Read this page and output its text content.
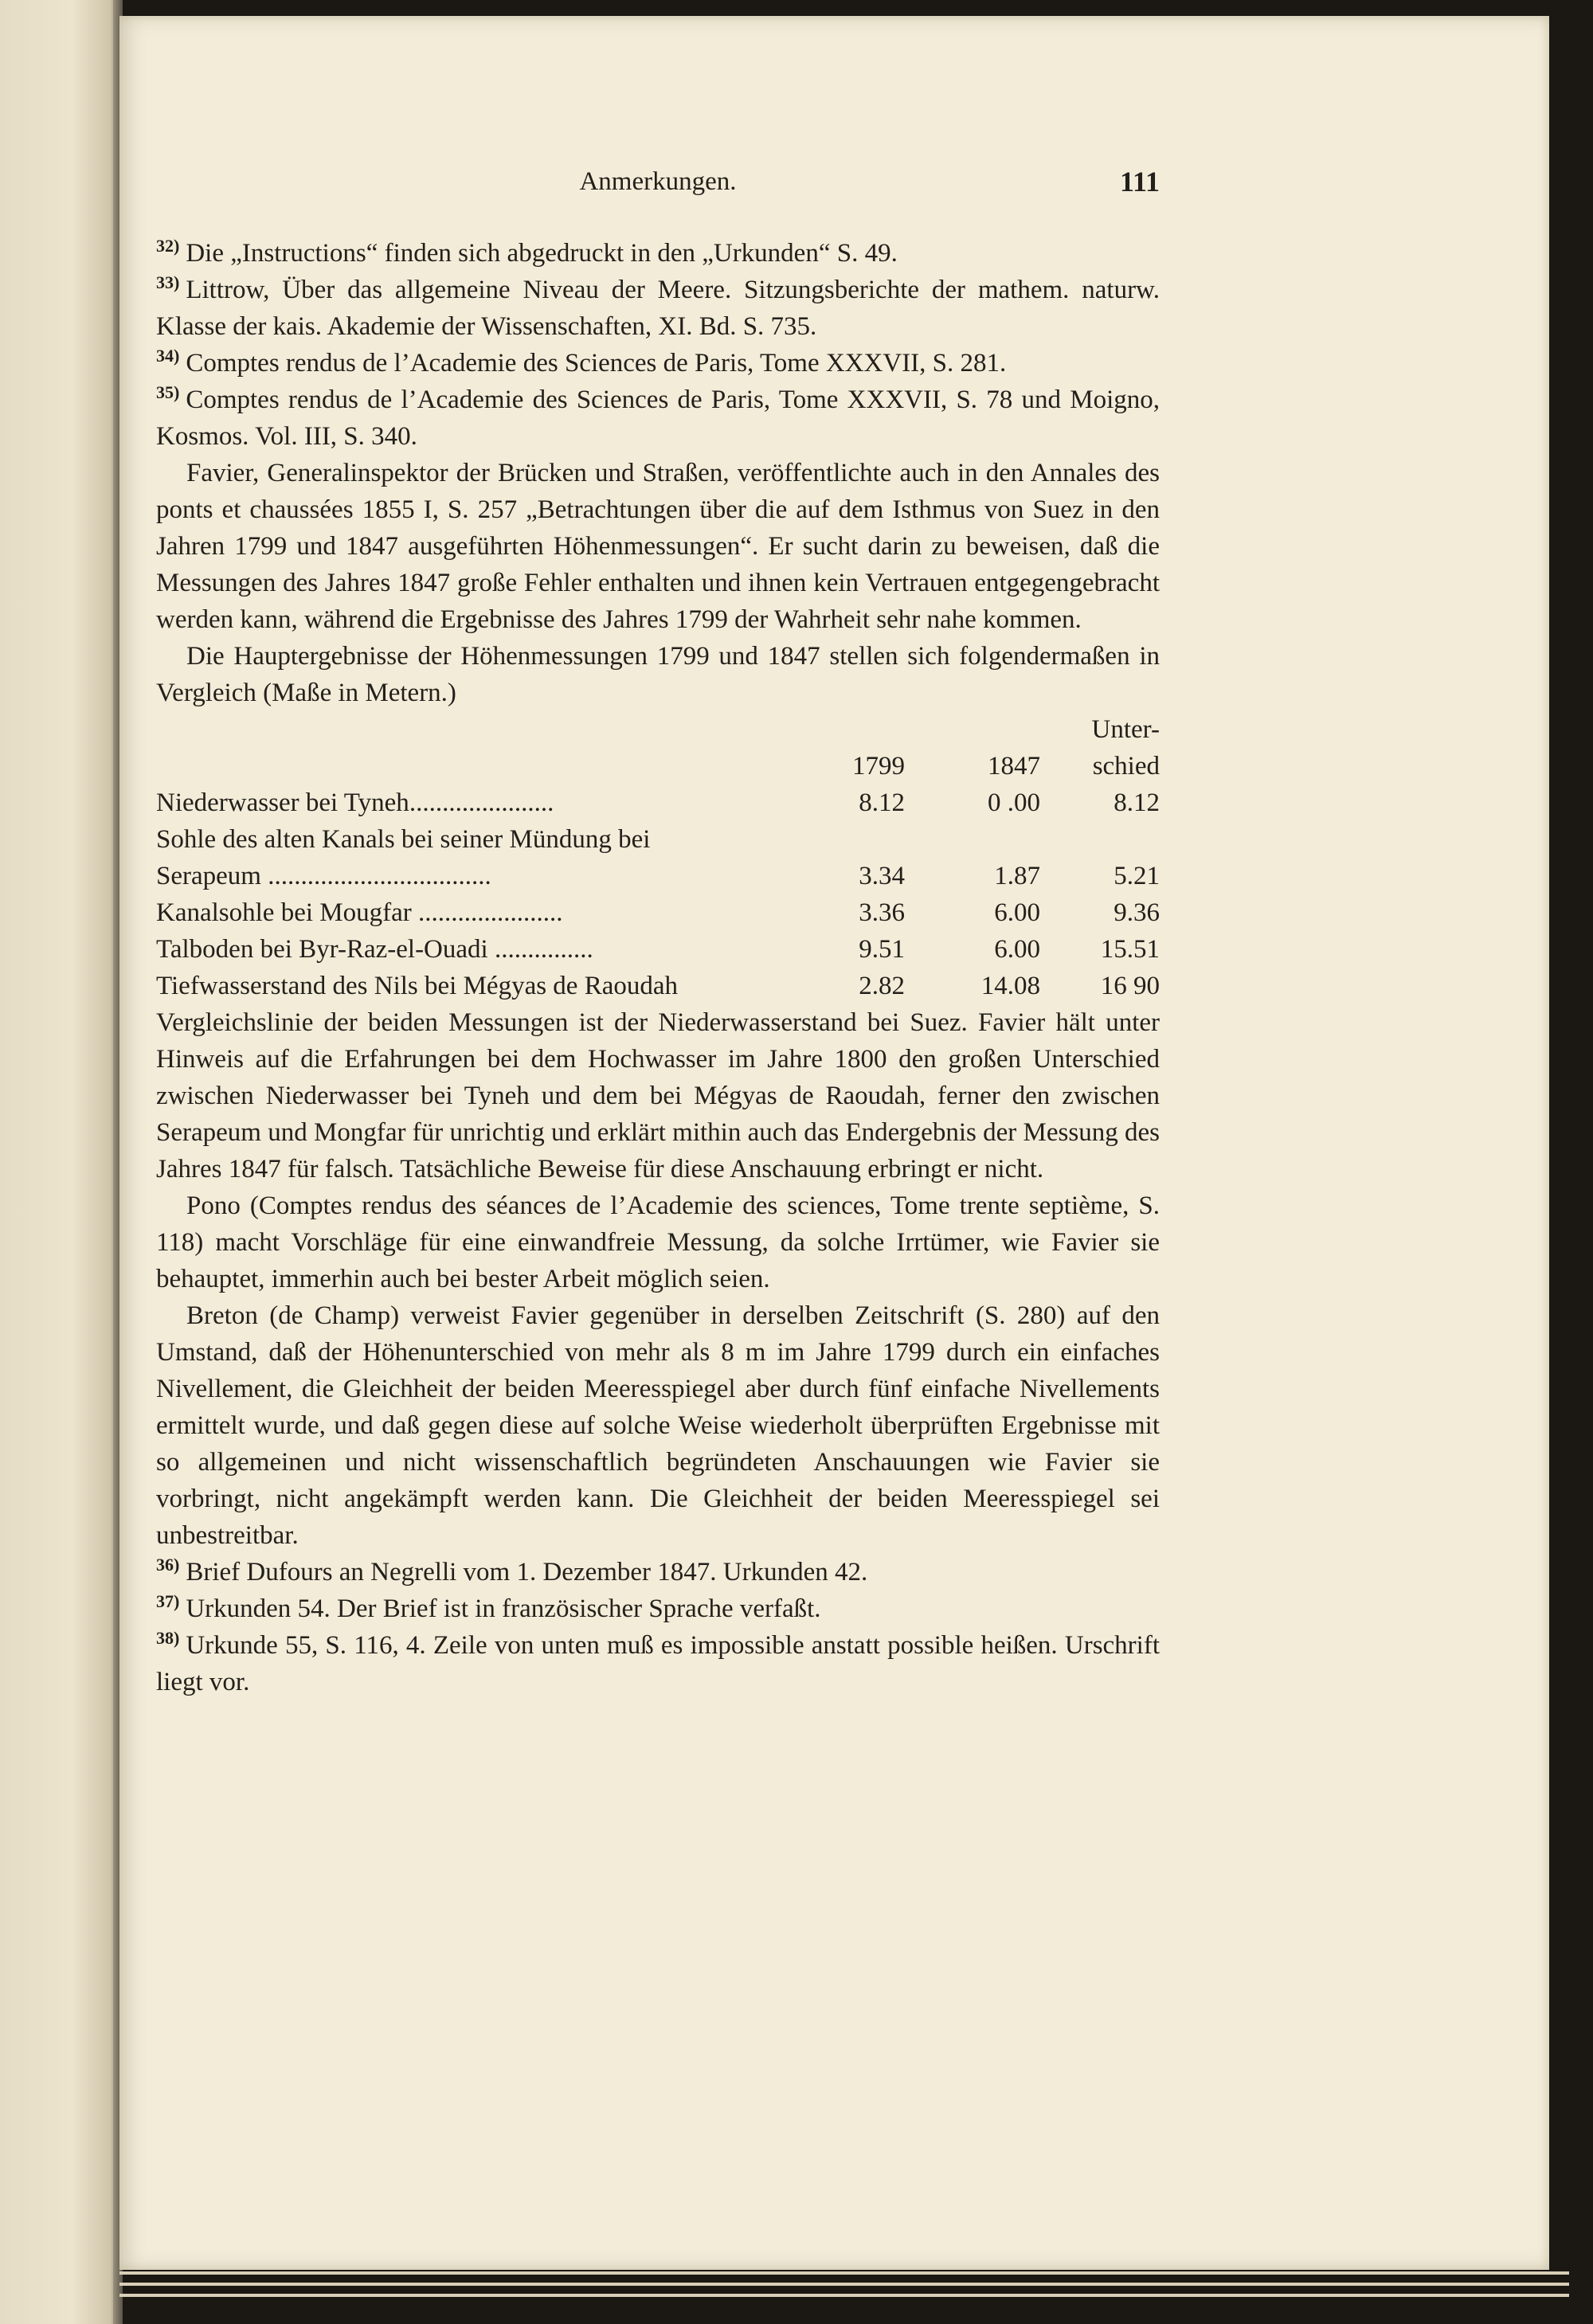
Anmerkungen.	111

$^{32)}$ Die „Instructions“ finden sich abgedruckt in den „Urkunden“ S. 49.

$^{33)}$ Littrow, Über das allgemeine Niveau der Meere. Sitzungsberichte der mathem. naturw. Klasse der kais. Akademie der Wissenschaften, XI. Bd. S. 735.

$^{34)}$ Comptes rendus de l’Academie des Sciences de Paris, Tome XXXVII, S. 281.

$^{35)}$ Comptes rendus de l’Academie des Sciences de Paris, Tome XXXVII, S. 78 und Moigno, Kosmos. Vol. III, S. 340.

Favier, Generalinspektor der Brücken und Straßen, veröffentlichte auch in den Annales des ponts et chaussées 1855 I, S. 257 „Betrachtungen über die auf dem Isthmus von Suez in den Jahren 1799 und 1847 ausgeführten Höhenmessungen“. Er sucht darin zu beweisen, daß die Messungen des Jahres 1847 große Fehler enthalten und ihnen kein Vertrauen entgegengebracht werden kann, während die Ergebnisse des Jahres 1799 der Wahrheit sehr nahe kommen.

Die Hauptergebnisse der Höhenmessungen 1799 und 1847 stellen sich folgendermaßen in Vergleich (Maße in Metern.)

			Unter-
	1799	1847	schied
Niederwasser bei Tyneh......................	8.12	0 .00	8.12
Sohle des alten Kanals bei seiner Mündung bei			
Serapeum ..................................	3.34	1.87	5.21
Kanalsohle bei Mougfar ......................	3.36	6.00	9.36
Talboden bei Byr-Raz-el-Ouadi ...............	9.51	6.00	15.51
Tiefwasserstand des Nils bei Mégyas de Raoudah	2.82	14.08	16 90

Vergleichslinie der beiden Messungen ist der Niederwasserstand bei Suez. Favier hält unter Hinweis auf die Erfahrungen bei dem Hochwasser im Jahre 1800 den großen Unterschied zwischen Niederwasser bei Tyneh und dem bei Mégyas de Raoudah, ferner den zwischen Serapeum und Mongfar für unrichtig und erklärt mithin auch das Endergebnis der Messung des Jahres 1847 für falsch. Tatsächliche Beweise für diese Anschauung erbringt er nicht.

Pono (Comptes rendus des séances de l’Academie des sciences, Tome trente septième, S. 118) macht Vorschläge für eine einwandfreie Messung, da solche Irrtümer, wie Favier sie behauptet, immerhin auch bei bester Arbeit möglich seien.

Breton (de Champ) verweist Favier gegenüber in derselben Zeitschrift (S. 280) auf den Umstand, daß der Höhenunterschied von mehr als 8 m im Jahre 1799 durch ein einfaches Nivellement, die Gleichheit der beiden Meeresspiegel aber durch fünf einfache Nivellements ermittelt wurde, und daß gegen diese auf solche Weise wiederholt überprüften Ergebnisse mit so allgemeinen und nicht wissenschaftlich begründeten Anschauungen wie Favier sie vorbringt, nicht angekämpft werden kann. Die Gleichheit der beiden Meeresspiegel sei unbestreitbar.

$^{36)}$ Brief Dufours an Negrelli vom 1. Dezember 1847. Urkunden 42.

$^{37)}$ Urkunden 54. Der Brief ist in französischer Sprache verfaßt.

$^{38)}$ Urkunde 55, S. 116, 4. Zeile von unten muß es impossible anstatt possible heißen. Urschrift liegt vor.
